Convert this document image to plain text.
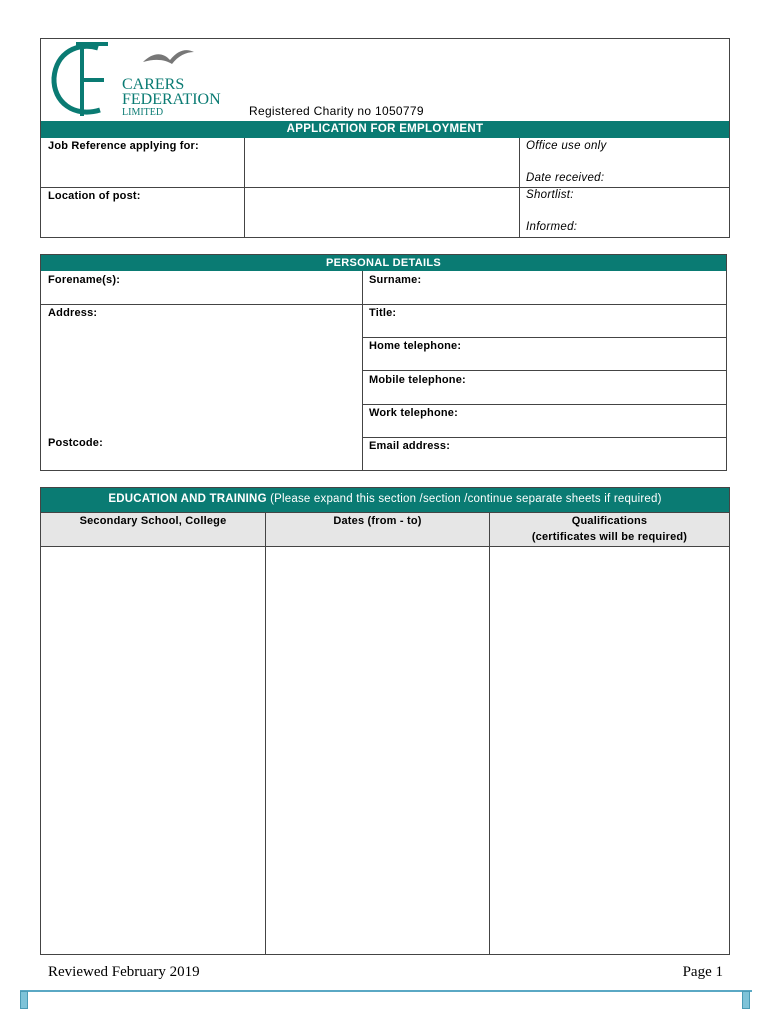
CARERS
FEDERATION
LIMITED	Registered Charity no 1050779
APPLICATION FOR EMPLOYMENT
Job Reference applying for:
Location of post:
Office use only
Date received:
Shortlist:
Informed:
PERSONAL DETAILS
Forename(s):	Surname:
Address:	Title:
Home telephone:
Mobile telephone:
Work telephone:
Postcode:	Email address:
EDUCATION AND TRAINING (Please expand this section /section /continue separate sheets if required)
Secondary School, College	Dates (from - to)	Qualifications
(certificates will be required)
Reviewed February 2019	Page 1
